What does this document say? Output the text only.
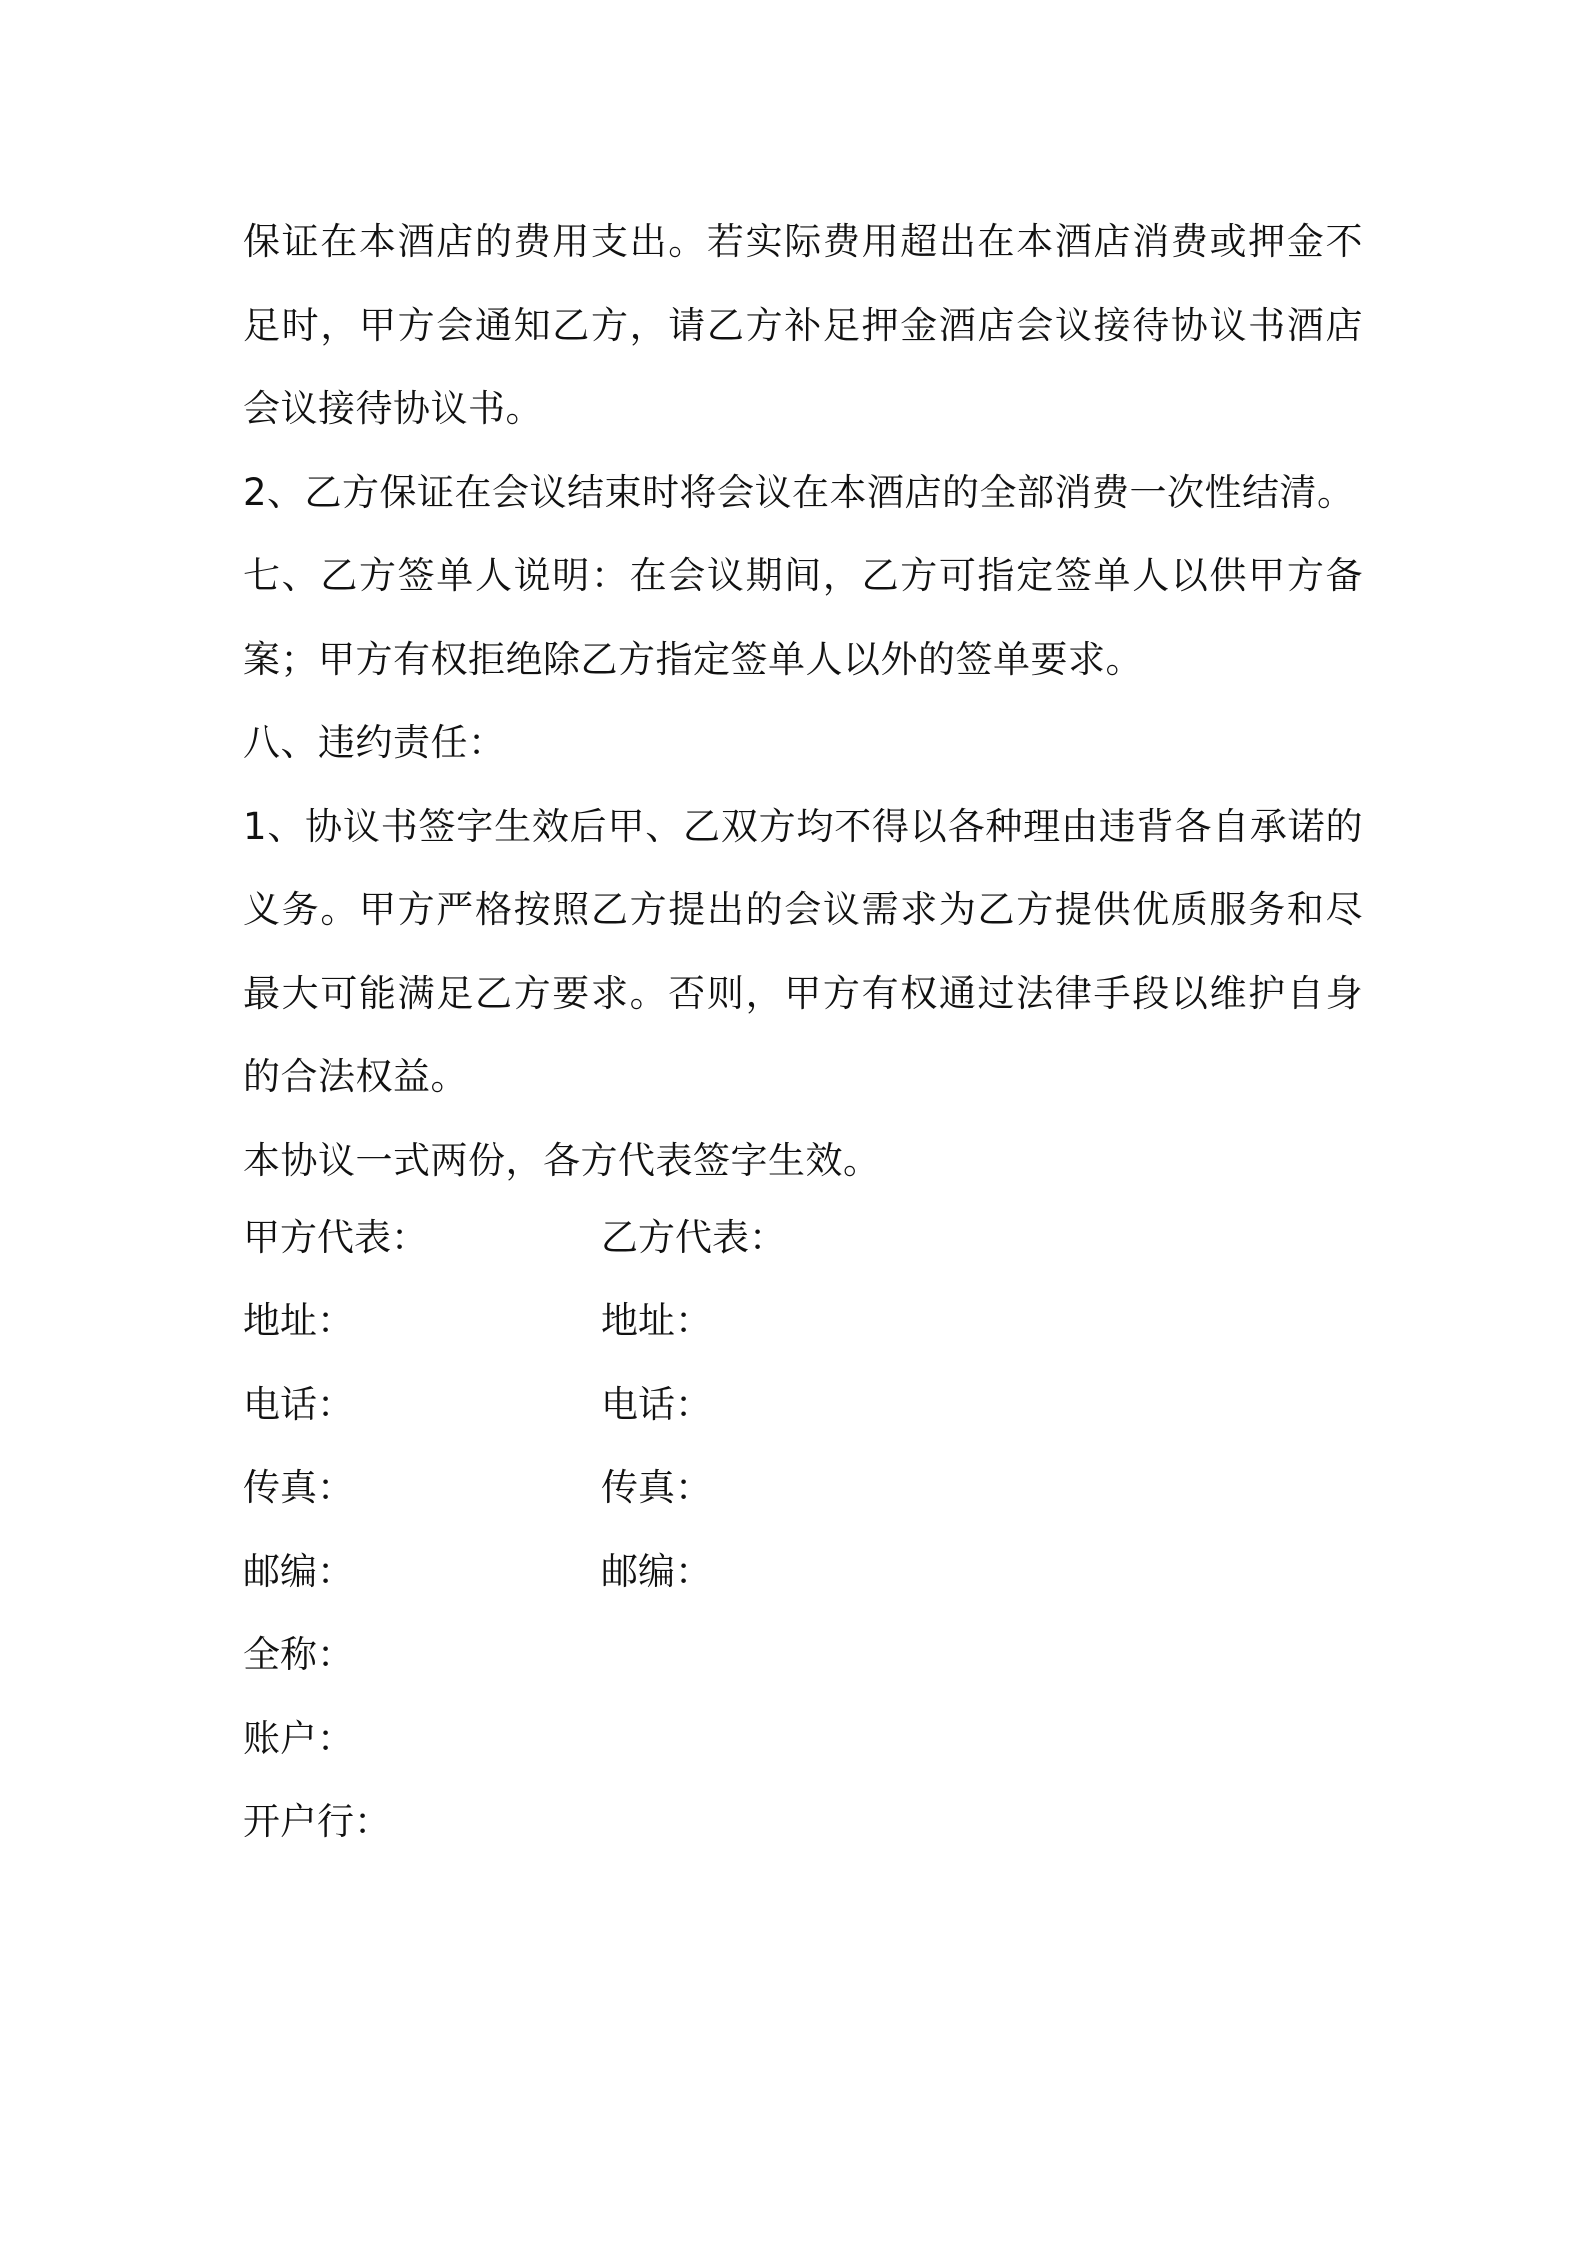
保证在本酒店的费用支出。若实际费用超出在本酒店消费或押金不足时，甲方会通知乙方，请乙方补足押金酒店会议接待协议书酒店会议接待协议书。

2、乙方保证在会议结束时将会议在本酒店的全部消费一次性结清。

七、乙方签单人说明：在会议期间，乙方可指定签单人以供甲方备案；甲方有权拒绝除乙方指定签单人以外的签单要求。

八、违约责任：

1、协议书签字生效后甲、乙双方均不得以各种理由违背各自承诺的义务。甲方严格按照乙方提出的会议需求为乙方提供优质服务和尽最大可能满足乙方要求。否则，甲方有权通过法律手段以维护自身的合法权益。

本协议一式两份，各方代表签字生效。

甲方代表：	乙方代表：
地址：	地址：
电话：	电话：
传真：	传真：
邮编：	邮编：
全称：
账户：
开户行：
